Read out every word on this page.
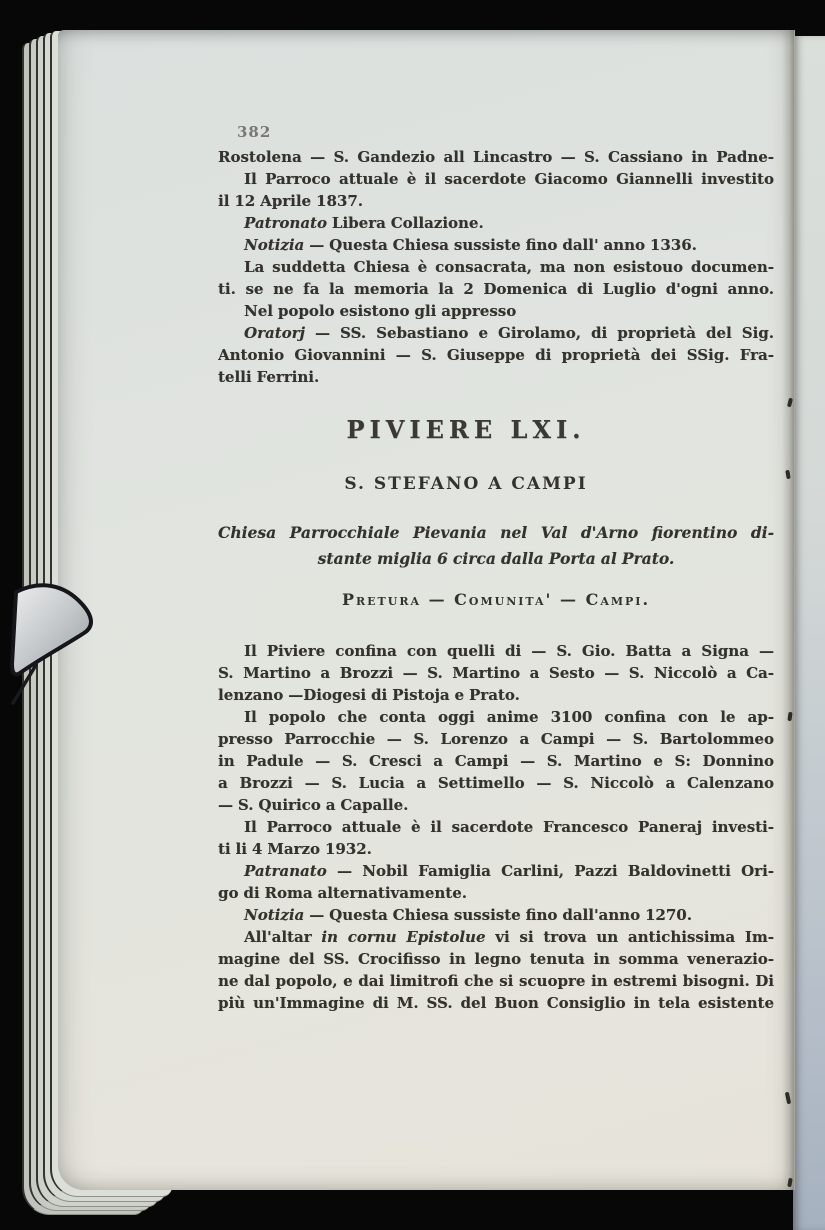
382
Rostolena — S. Gandezio all Lincastro — S. Cassiano in Padne-
Il Parroco attuale è il sacerdote Giacomo Giannelli investito
il 12 Aprile 1837.
Patronato Libera Collazione.
Notizia — Questa Chiesa sussiste fino dall' anno 1336.
La suddetta Chiesa è consacrata, ma non esistouo documen-
ti. se ne fa la memoria la 2 Domenica di Luglio d'ogni anno.
Nel popolo esistono gli appresso
Oratorj — SS. Sebastiano e Girolamo, di proprietà del Sig.
Antonio Giovannini — S. Giuseppe di proprietà dei SSig. Fra-
telli Ferrini.
PIVIERE LXI.
S. STEFANO A CAMPI
Chiesa Parrocchiale Pievania nel Val d'Arno fiorentino di-
stante miglia 6 circa dalla Porta al Prato.
Pretura — Comunita' — Campi.
Il Piviere confina con quelli di — S. Gio. Batta a Signa —
S. Martino a Brozzi — S. Martino a Sesto — S. Niccolò a Ca-
lenzano —Diogesi di Pistoja e Prato.
Il popolo che conta oggi anime 3100 confina con le ap-
presso Parrocchie — S. Lorenzo a Campi — S. Bartolommeo
in Padule — S. Cresci a Campi — S. Martino e S: Donnino
a Brozzi — S. Lucia a Settimello — S. Niccolò a Calenzano
— S. Quirico a Capalle.
Il Parroco attuale è il sacerdote Francesco Paneraj investi-
ti li 4 Marzo 1932.
Patranato — Nobil Famiglia Carlini, Pazzi Baldovinetti Ori-
go di Roma alternativamente.
Notizia — Questa Chiesa sussiste fino dall'anno 1270.
All'altar in cornu Epistolue vi si trova un antichissima Im-
magine del SS. Crocifisso in legno tenuta in somma venerazio-
ne dal popolo, e dai limitrofi che si scuopre in estremi bisogni. Di
più un'Immagine di M. SS. del Buon Consiglio in tela esistente
